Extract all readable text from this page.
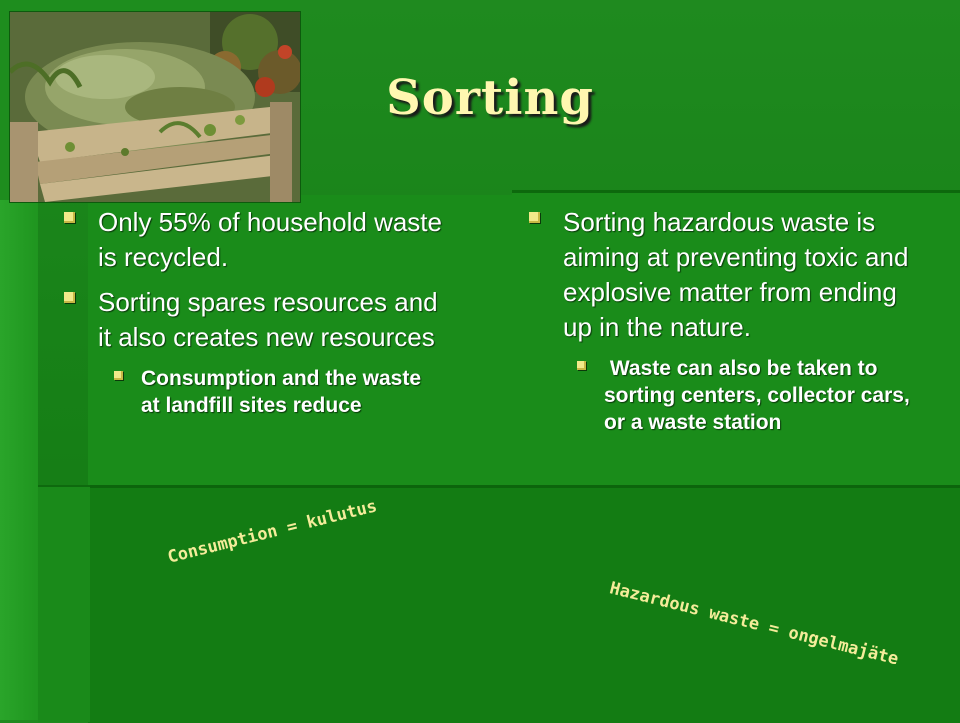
Sorting
Only 55% of household waste is recycled.
Sorting spares resources and it also creates new resources
Consumption and the waste at landfill sites reduce
Sorting hazardous waste is aiming at preventing toxic and explosive matter from ending up in the nature.
Waste can also be taken to sorting centers, collector cars, or a waste station
Consumption = kulutus
Hazardous waste = ongelmajäte
